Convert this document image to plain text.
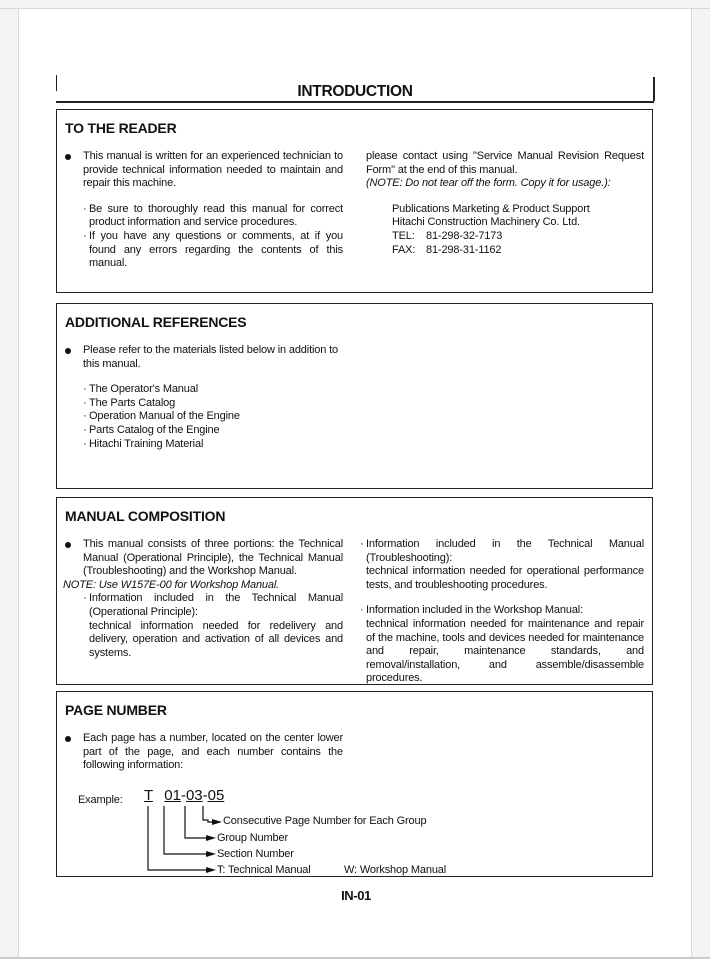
INTRODUCTION
TO THE READER
This manual is written for an experienced technician to provide technical information needed to maintain and repair this machine.
· Be sure to thoroughly read this manual for correct product information and service procedures.
· If you have any questions or comments, at if you found any errors regarding the contents of this manual.
please contact using "Service Manual Revision Request Form" at the end of this manual.
(NOTE: Do not tear off the form. Copy it for usage.):
Publications Marketing & Product Support
Hitachi Construction Machinery Co. Ltd.
TEL: 81-298-32-7173
FAX: 81-298-31-1162
ADDITIONAL REFERENCES
Please refer to the materials listed below in addition to this manual.
· The Operator's Manual
· The Parts Catalog
· Operation Manual of the Engine
· Parts Catalog of the Engine
· Hitachi Training Material
MANUAL COMPOSITION
This manual consists of three portions: the Technical Manual (Operational Principle), the Technical Manual (Troubleshooting) and the Workshop Manual.
NOTE: Use W157E-00 for Workshop Manual.
· Information included in the Technical Manual (Operational Principle):
technical information needed for redelivery and delivery, operation and activation of all devices and systems.
· Information included in the Technical Manual (Troubleshooting):
technical information needed for operational performance tests, and troubleshooting procedures.
· Information included in the Workshop Manual:
technical information needed for maintenance and repair of the machine, tools and devices needed for maintenance and repair, maintenance standards, and removal/installation, and assemble/disassemble procedures.
PAGE NUMBER
Each page has a number, located on the center lower part of the page, and each number contains the following information:
Example: T 01-03-05
Consecutive Page Number for Each Group
Group Number
Section Number
T: Technical Manual	W: Workshop Manual
IN-01
